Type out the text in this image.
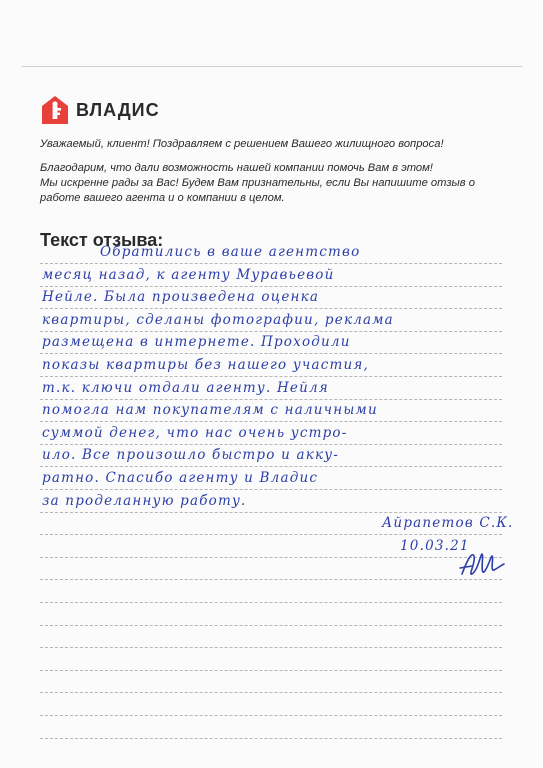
ВЛАДИС

Уважаемый, клиент! Поздравляем с решением Вашего жилищного вопроса!

Благодарим, что дали возможность нашей компании помочь Вам в этом!

Мы искренне рады за Вас! Будем Вам признательны, если Вы напишите отзыв о работе вашего агента и о компании в целом.

Текст отзыва:
Обратились в ваше агентство
месяц назад, к агенту Муравьевой
Нейле. Была произведена оценка
квартиры, сделаны фотографии, реклама
размещена в интернете. Проходили
показы квартиры без нашего участия,
т.к. ключи отдали агенту. Нейля
помогла нам покупателям с наличными
суммой денег, что нас очень устро-
ило. Все произошло быстро и акку-
ратно. Спасибо агенту и Владис
за проделанную работу.
Айрапетов С.К.
10.03.21
